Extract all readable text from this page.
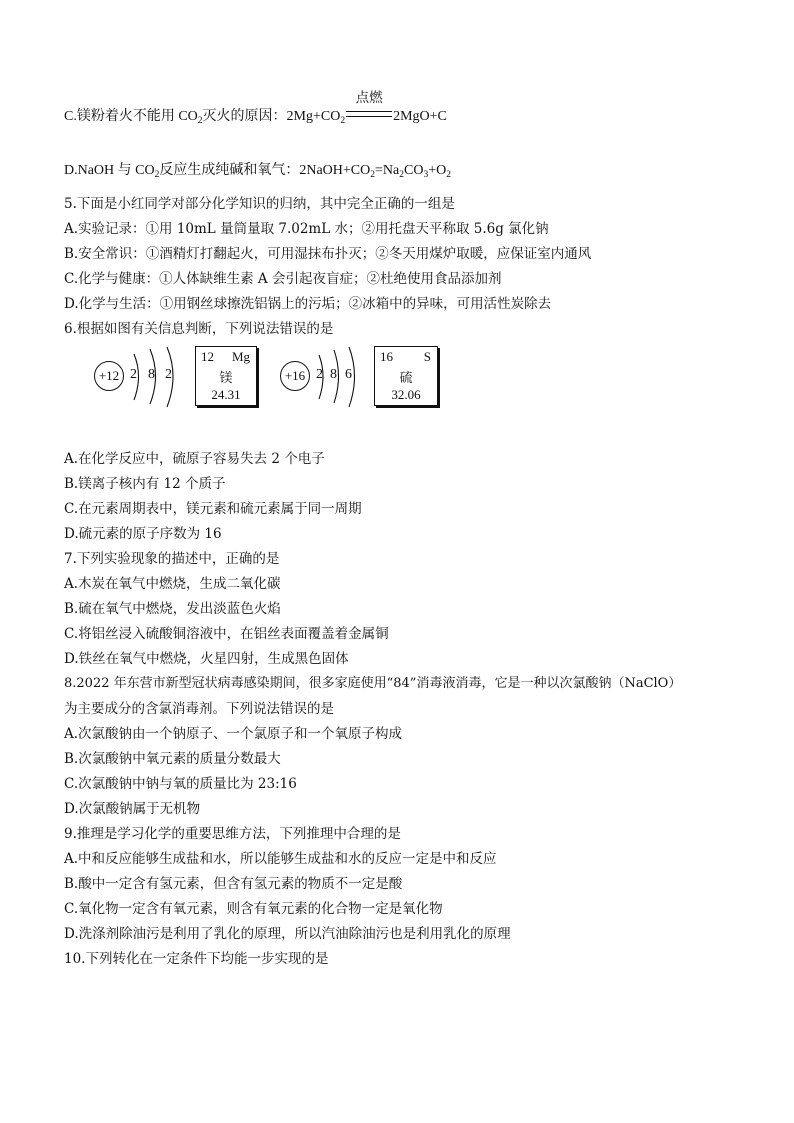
C.镁粉着火不能用 $CO_2$灭火的原因：$2Mg+CO_2$
点燃
2MgO+C
D.NaOH 与 $CO_2$反应生成纯碱和氧气：$2NaOH+CO_2=Na_2CO_3+O_2$
5.下面是小红同学对部分化学知识的归纳，其中完全正确的一组是
A.实验记录：①用 10mL 量筒量取 7.02mL 水；②用托盘天平称取 5.6g 氯化钠
B.安全常识：①酒精灯打翻起火，可用湿抹布扑灭；②冬天用煤炉取暖，应保证室内通风
C.化学与健康：①人体缺维生素 A 会引起夜盲症；②杜绝使用食品添加剂
D.化学与生活：①用钢丝球擦洗铝锅上的污垢；②冰箱中的异味，可用活性炭除去
6.根据如图有关信息判断，下列说法错误的是
+12 2 8 2
12 Mg
镁
24.31
+16 2 8 6
16 S
硫
32.06
A.在化学反应中，硫原子容易失去 2 个电子
B.镁离子核内有 12 个质子
C.在元素周期表中，镁元素和硫元素属于同一周期
D.硫元素的原子序数为 16
7.下列实验现象的描述中，正确的是
A.木炭在氧气中燃烧，生成二氧化碳
B.硫在氧气中燃烧，发出淡蓝色火焰
C.将铝丝浸入硫酸铜溶液中，在铝丝表面覆盖着金属铜
D.铁丝在氧气中燃烧，火星四射，生成黑色固体
8.2022 年东营市新型冠状病毒感染期间，很多家庭使用“84”消毒液消毒，它是一种以次氯酸钠（NaClO）
为主要成分的含氯消毒剂。下列说法错误的是
A.次氯酸钠由一个钠原子、一个氯原子和一个氧原子构成
B.次氯酸钠中氧元素的质量分数最大
C.次氯酸钠中钠与氧的质量比为 23:16
D.次氯酸钠属于无机物
9.推理是学习化学的重要思维方法，下列推理中合理的是
A.中和反应能够生成盐和水，所以能够生成盐和水的反应一定是中和反应
B.酸中一定含有氢元素，但含有氢元素的物质不一定是酸
C.氧化物一定含有氧元素，则含有氧元素的化合物一定是氧化物
D.洗涤剂除油污是利用了乳化的原理，所以汽油除油污也是利用乳化的原理
10.下列转化在一定条件下均能一步实现的是
